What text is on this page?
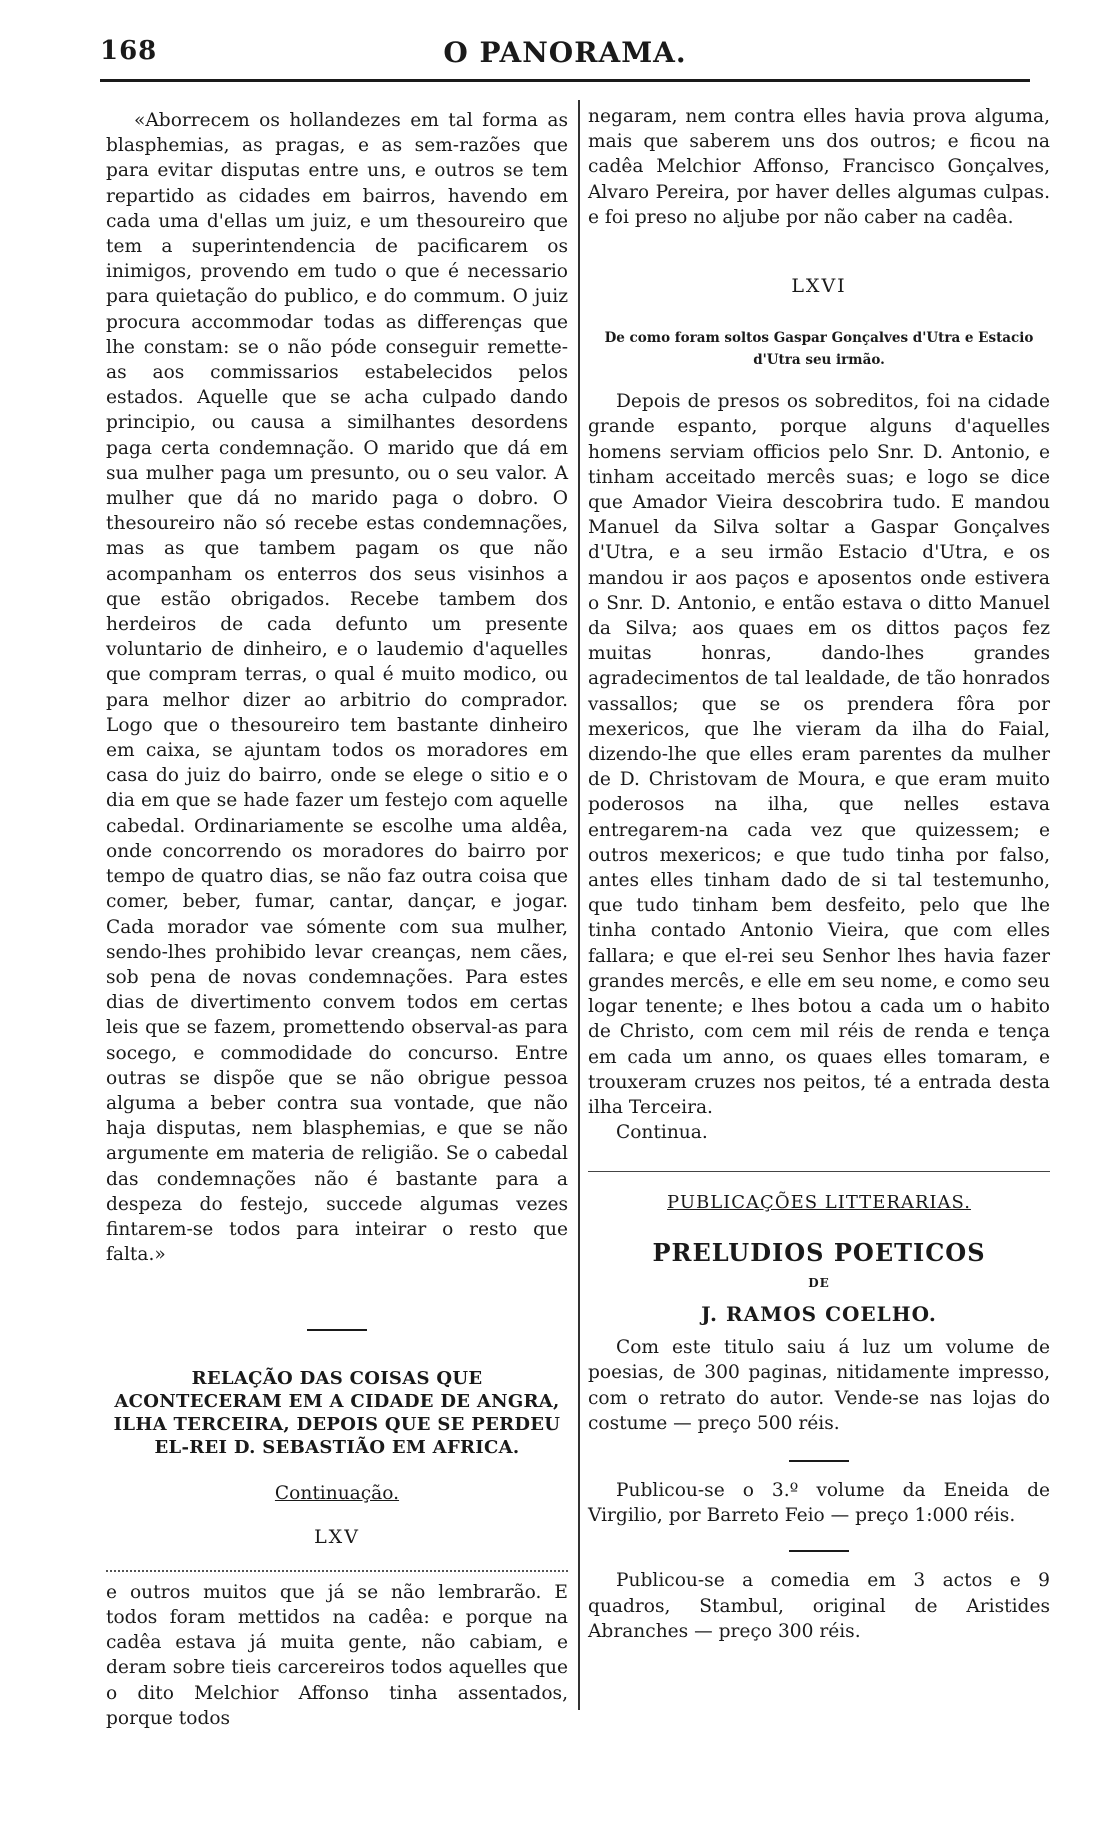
168	O PANORAMA.

«Aborrecem os hollandezes em tal forma as blasphemias, as pragas, e as sem-razões que para evitar disputas entre uns, e outros se tem repartido as cidades em bairros, havendo em cada uma d'ellas um juiz, e um thesoureiro que tem a superintendencia de pacificarem os inimigos, provendo em tudo o que é necessario para quietação do publico, e do commum. O juiz procura accommodar todas as differenças que lhe constam: se o não póde conseguir remette-as aos commissarios estabelecidos pelos estados. Aquelle que se acha culpado dando principio, ou causa a similhantes desordens paga certa condemnação. O marido que dá em sua mulher paga um presunto, ou o seu valor. A mulher que dá no marido paga o dobro. O thesoureiro não só recebe estas condemnações, mas as que tambem pagam os que não acompanham os enterros dos seus visinhos a que estão obrigados. Recebe tambem dos herdeiros de cada defunto um presente voluntario de dinheiro, e o laudemio d'aquelles que compram terras, o qual é muito modico, ou para melhor dizer ao arbitrio do comprador. Logo que o thesoureiro tem bastante dinheiro em caixa, se ajuntam todos os moradores em casa do juiz do bairro, onde se elege o sitio e o dia em que se hade fazer um festejo com aquelle cabedal. Ordinariamente se escolhe uma aldêa, onde concorrendo os moradores do bairro por tempo de quatro dias, se não faz outra coisa que comer, beber, fumar, cantar, dançar, e jogar. Cada morador vae sómente com sua mulher, sendo-lhes prohibido levar creanças, nem cães, sob pena de novas condemnações. Para estes dias de divertimento convem todos em certas leis que se fazem, promettendo observal-as para socego, e commodidade do concurso. Entre outras se dispõe que se não obrigue pessoa alguma a beber contra sua vontade, que não haja disputas, nem blasphemias, e que se não argumente em materia de religião. Se o cabedal das condemnações não é bastante para a despeza do festejo, succede algumas vezes fintarem-se todos para inteirar o resto que falta.»

RELAÇÃO DAS COISAS QUE ACONTECERAM EM A CIDADE DE ANGRA, ILHA TERCEIRA, DEPOIS QUE SE PERDEU EL-REI D. SEBASTIÃO EM AFRICA.
Continuação.
LXV

e outros muitos que já se não lembrarão. E todos foram mettidos na cadêa: e porque na cadêa estava já muita gente, não cabiam, e deram sobre tieis carcereiros todos aquelles que o dito Melchior Affonso tinha assentados, porque todos

negaram, nem contra elles havia prova alguma, mais que saberem uns dos outros; e ficou na cadêa Melchior Affonso, Francisco Gonçalves, Alvaro Pereira, por haver delles algumas culpas. e foi preso no aljube por não caber na cadêa.

LXVI
De como foram soltos Gaspar Gonçalves d'Utra e Estacio d'Utra seu irmão.

Depois de presos os sobreditos, foi na cidade grande espanto, porque alguns d'aquelles homens serviam officios pelo Snr. D. Antonio, e tinham acceitado mercês suas; e logo se dice que Amador Vieira descobrira tudo. E mandou Manuel da Silva soltar a Gaspar Gonçalves d'Utra, e a seu irmão Estacio d'Utra, e os mandou ir aos paços e aposentos onde estivera o Snr. D. Antonio, e então estava o ditto Manuel da Silva; aos quaes em os dittos paços fez muitas honras, dando-lhes grandes agradecimentos de tal lealdade, de tão honrados vassallos; que se os prendera fôra por mexericos, que lhe vieram da ilha do Faial, dizendo-lhe que elles eram parentes da mulher de D. Christovam de Moura, e que eram muito poderosos na ilha, que nelles estava entregarem-na cada vez que quizessem; e outros mexericos; e que tudo tinha por falso, antes elles tinham dado de si tal testemunho, que tudo tinham bem desfeito, pelo que lhe tinha contado Antonio Vieira, que com elles fallara; e que el-rei seu Senhor lhes havia fazer grandes mercês, e elle em seu nome, e como seu logar tenente; e lhes botou a cada um o habito de Christo, com cem mil réis de renda e tença em cada um anno, os quaes elles tomaram, e trouxeram cruzes nos peitos, té a entrada desta ilha Terceira.

Continua.

PUBLICAÇÕES LITTERARIAS.
PRELUDIOS POETICOS
DE
J. RAMOS COELHO.

Com este titulo saiu á luz um volume de poesias, de 300 paginas, nitidamente impresso, com o retrato do autor. Vende-se nas lojas do costume — preço 500 réis.

Publicou-se o 3.º volume da Eneida de Virgilio, por Barreto Feio — preço 1:000 réis.

Publicou-se a comedia em 3 actos e 9 quadros, Stambul, original de Aristides Abranches — preço 300 réis.
